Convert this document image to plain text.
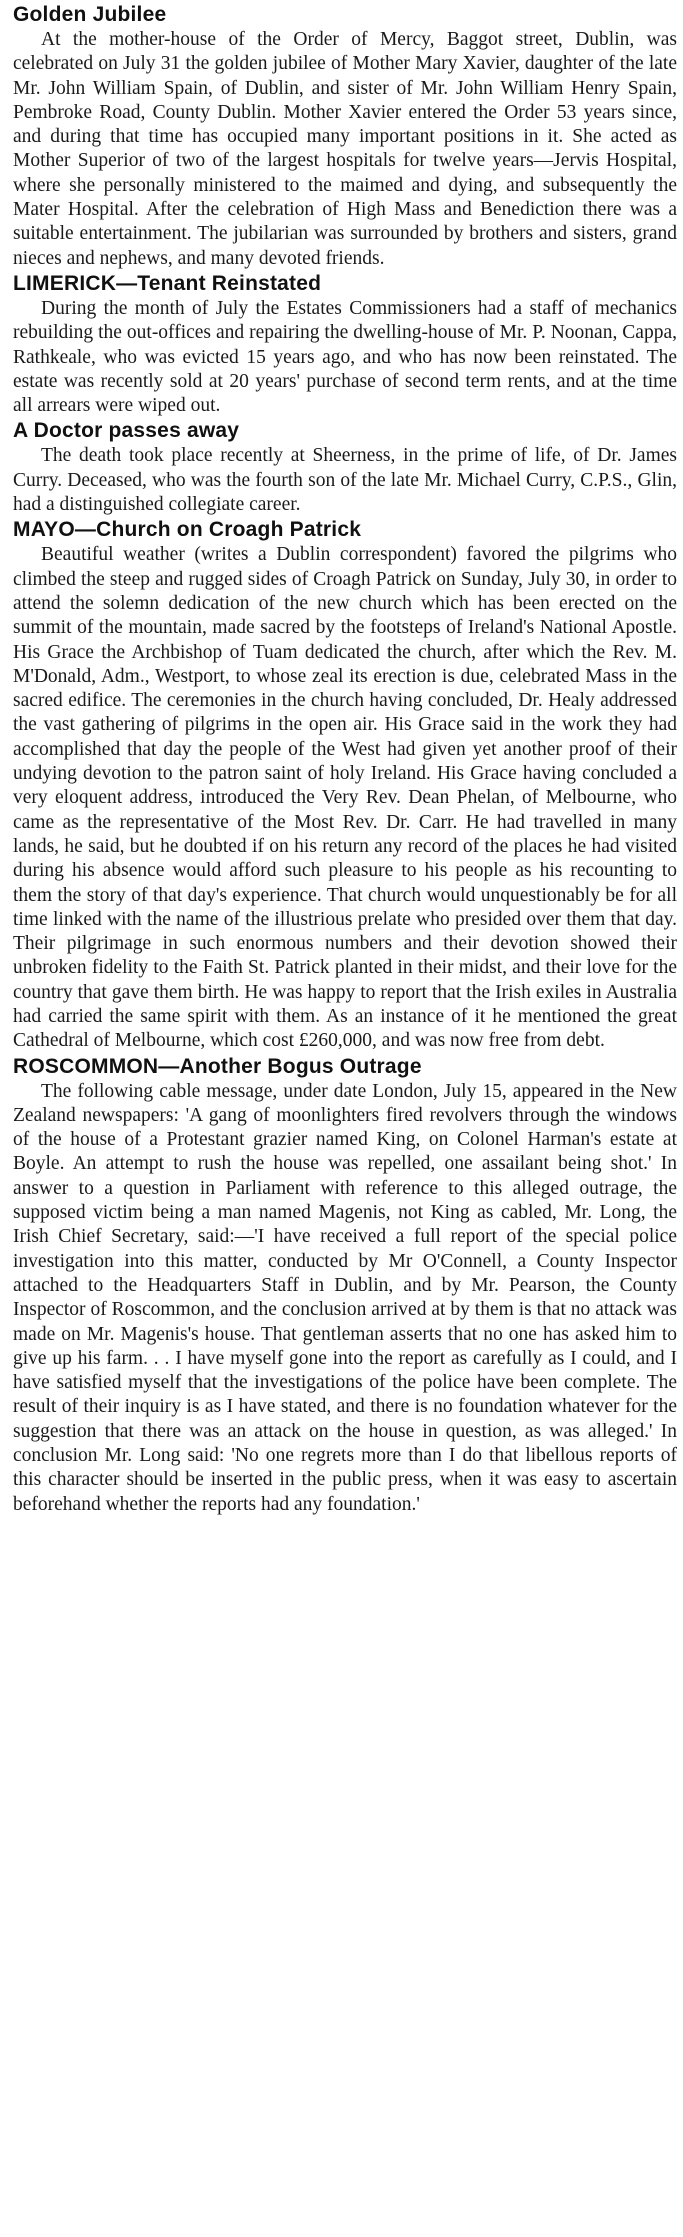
Golden Jubilee

At the mother-house of the Order of Mercy, Baggot street, Dublin, was celebrated on July 31 the golden jubilee of Mother Mary Xavier, daughter of the late Mr. John William Spain, of Dublin, and sister of Mr. John William Henry Spain, Pembroke Road, County Dublin. Mother Xavier entered the Order 53 years since, and during that time has occupied many important positions in it. She acted as Mother Superior of two of the largest hospitals for twelve years—Jervis Hospital, where she personally ministered to the maimed and dying, and subsequently the Mater Hospital. After the celebration of High Mass and Benediction there was a suitable entertainment. The jubilarian was surrounded by brothers and sisters, grand nieces and nephews, and many devoted friends.

LIMERICK—Tenant Reinstated

During the month of July the Estates Commissioners had a staff of mechanics rebuilding the out-offices and repairing the dwelling-house of Mr. P. Noonan, Cappa, Rathkeale, who was evicted 15 years ago, and who has now been reinstated. The estate was recently sold at 20 years' purchase of second term rents, and at the time all arrears were wiped out.

A Doctor passes away

The death took place recently at Sheerness, in the prime of life, of Dr. James Curry. Deceased, who was the fourth son of the late Mr. Michael Curry, C.P.S., Glin, had a distinguished collegiate career.

MAYO—Church on Croagh Patrick

Beautiful weather (writes a Dublin correspondent) favored the pilgrims who climbed the steep and rugged sides of Croagh Patrick on Sunday, July 30, in order to attend the solemn dedication of the new church which has been erected on the summit of the mountain, made sacred by the footsteps of Ireland's National Apostle. His Grace the Archbishop of Tuam dedicated the church, after which the Rev. M. M'Donald, Adm., Westport, to whose zeal its erection is due, celebrated Mass in the sacred edifice. The ceremonies in the church having concluded, Dr. Healy addressed the vast gathering of pilgrims in the open air. His Grace said in the work they had accomplished that day the people of the West had given yet another proof of their undying devotion to the patron saint of holy Ireland. His Grace having concluded a very eloquent address, introduced the Very Rev. Dean Phelan, of Melbourne, who came as the representative of the Most Rev. Dr. Carr. He had travelled in many lands, he said, but he doubted if on his return any record of the places he had visited during his absence would afford such pleasure to his people as his recounting to them the story of that day's experience. That church would unquestionably be for all time linked with the name of the illustrious prelate who presided over them that day. Their pilgrimage in such enormous numbers and their devotion showed their unbroken fidelity to the Faith St. Patrick planted in their midst, and their love for the country that gave them birth. He was happy to report that the Irish exiles in Australia had carried the same spirit with them. As an instance of it he mentioned the great Cathedral of Melbourne, which cost £260,000, and was now free from debt.

ROSCOMMON—Another Bogus Outrage

The following cable message, under date London, July 15, appeared in the New Zealand newspapers: 'A gang of moonlighters fired revolvers through the windows of the house of a Protestant grazier named King, on Colonel Harman's estate at Boyle. An attempt to rush the house was repelled, one assailant being shot.' In answer to a question in Parliament with reference to this alleged outrage, the supposed victim being a man named Magenis, not King as cabled, Mr. Long, the Irish Chief Secretary, said:—'I have received a full report of the special police investigation into this matter, conducted by Mr O'Connell, a County Inspector attached to the Headquarters Staff in Dublin, and by Mr. Pearson, the County Inspector of Roscommon, and the conclusion arrived at by them is that no attack was made on Mr. Magenis's house. That gentleman asserts that no one has asked him to give up his farm. . . I have myself gone into the report as carefully as I could, and I have satisfied myself that the investigations of the police have been complete. The result of their inquiry is as I have stated, and there is no foundation whatever for the suggestion that there was an attack on the house in question, as was alleged.' In conclusion Mr. Long said: 'No one regrets more than I do that libellous reports of this character should be inserted in the public press, when it was easy to ascertain beforehand whether the reports had any foundation.'
